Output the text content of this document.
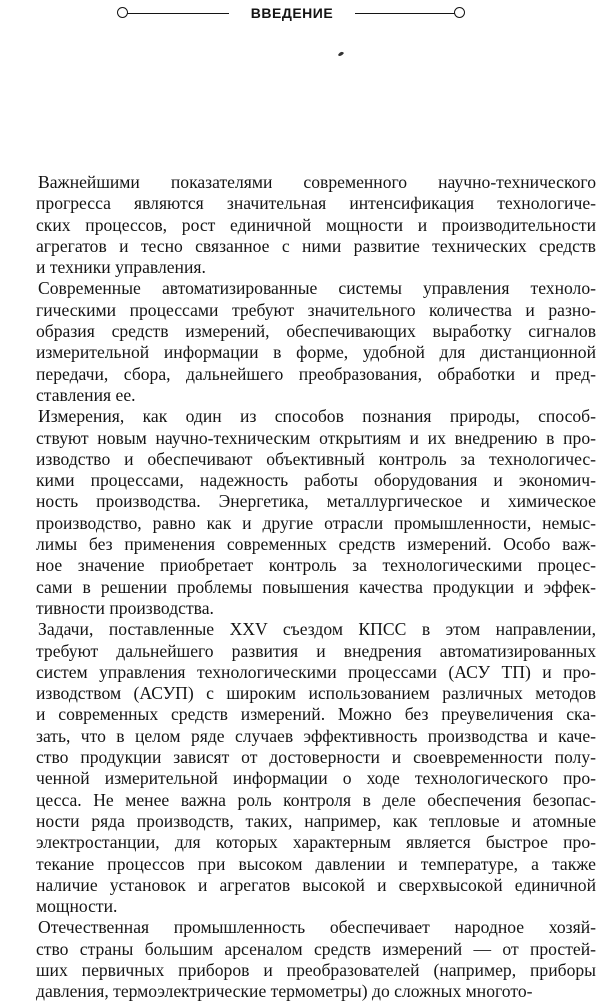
ВВЕДЕНИЕ

Важнейшими показателями современного научно-технического
прогресса являются значительная интенсификация технологиче-
ских процессов, рост единичной мощности и производительности
агрегатов и тесно связанное с ними развитие технических средств
и техники управления.

Современные автоматизированные системы управления техноло-
гическими процессами требуют значительного количества и разно-
образия средств измерений, обеспечивающих выработку сигналов
измерительной информации в форме, удобной для дистанционной
передачи, сбора, дальнейшего преобразования, обработки и пред-
ставления ее.

Измерения, как один из способов познания природы, способ-
ствуют новым научно-техническим открытиям и их внедрению в про-
изводство и обеспечивают объективный контроль за технологичес-
кими процессами, надежность работы оборудования и экономич-
ность производства. Энергетика, металлургическое и химическое
производство, равно как и другие отрасли промышленности, немыс-
лимы без применения современных средств измерений. Особо важ-
ное значение приобретает контроль за технологическими процес-
сами в решении проблемы повышения качества продукции и эффек-
тивности производства.

Задачи, поставленные XXV съездом КПСС в этом направлении,
требуют дальнейшего развития и внедрения автоматизированных
систем управления технологическими процессами (АСУ ТП) и про-
изводством (АСУП) с широким использованием различных методов
и современных средств измерений. Можно без преувеличения ска-
зать, что в целом ряде случаев эффективность производства и каче-
ство продукции зависят от достоверности и своевременности полу-
ченной измерительной информации о ходе технологического про-
цесса. Не менее важна роль контроля в деле обеспечения безопас-
ности ряда производств, таких, например, как тепловые и атомные
электростанции, для которых характерным является быстрое про-
текание процессов при высоком давлении и температуре, а также
наличие установок и агрегатов высокой и сверхвысокой единичной
мощности.

Отечественная промышленность обеспечивает народное хозяй-
ство страны большим арсеналом средств измерений — от простей-
ших первичных приборов и преобразователей (например, приборы
давления, термоэлектрические термометры) до сложных многото-
